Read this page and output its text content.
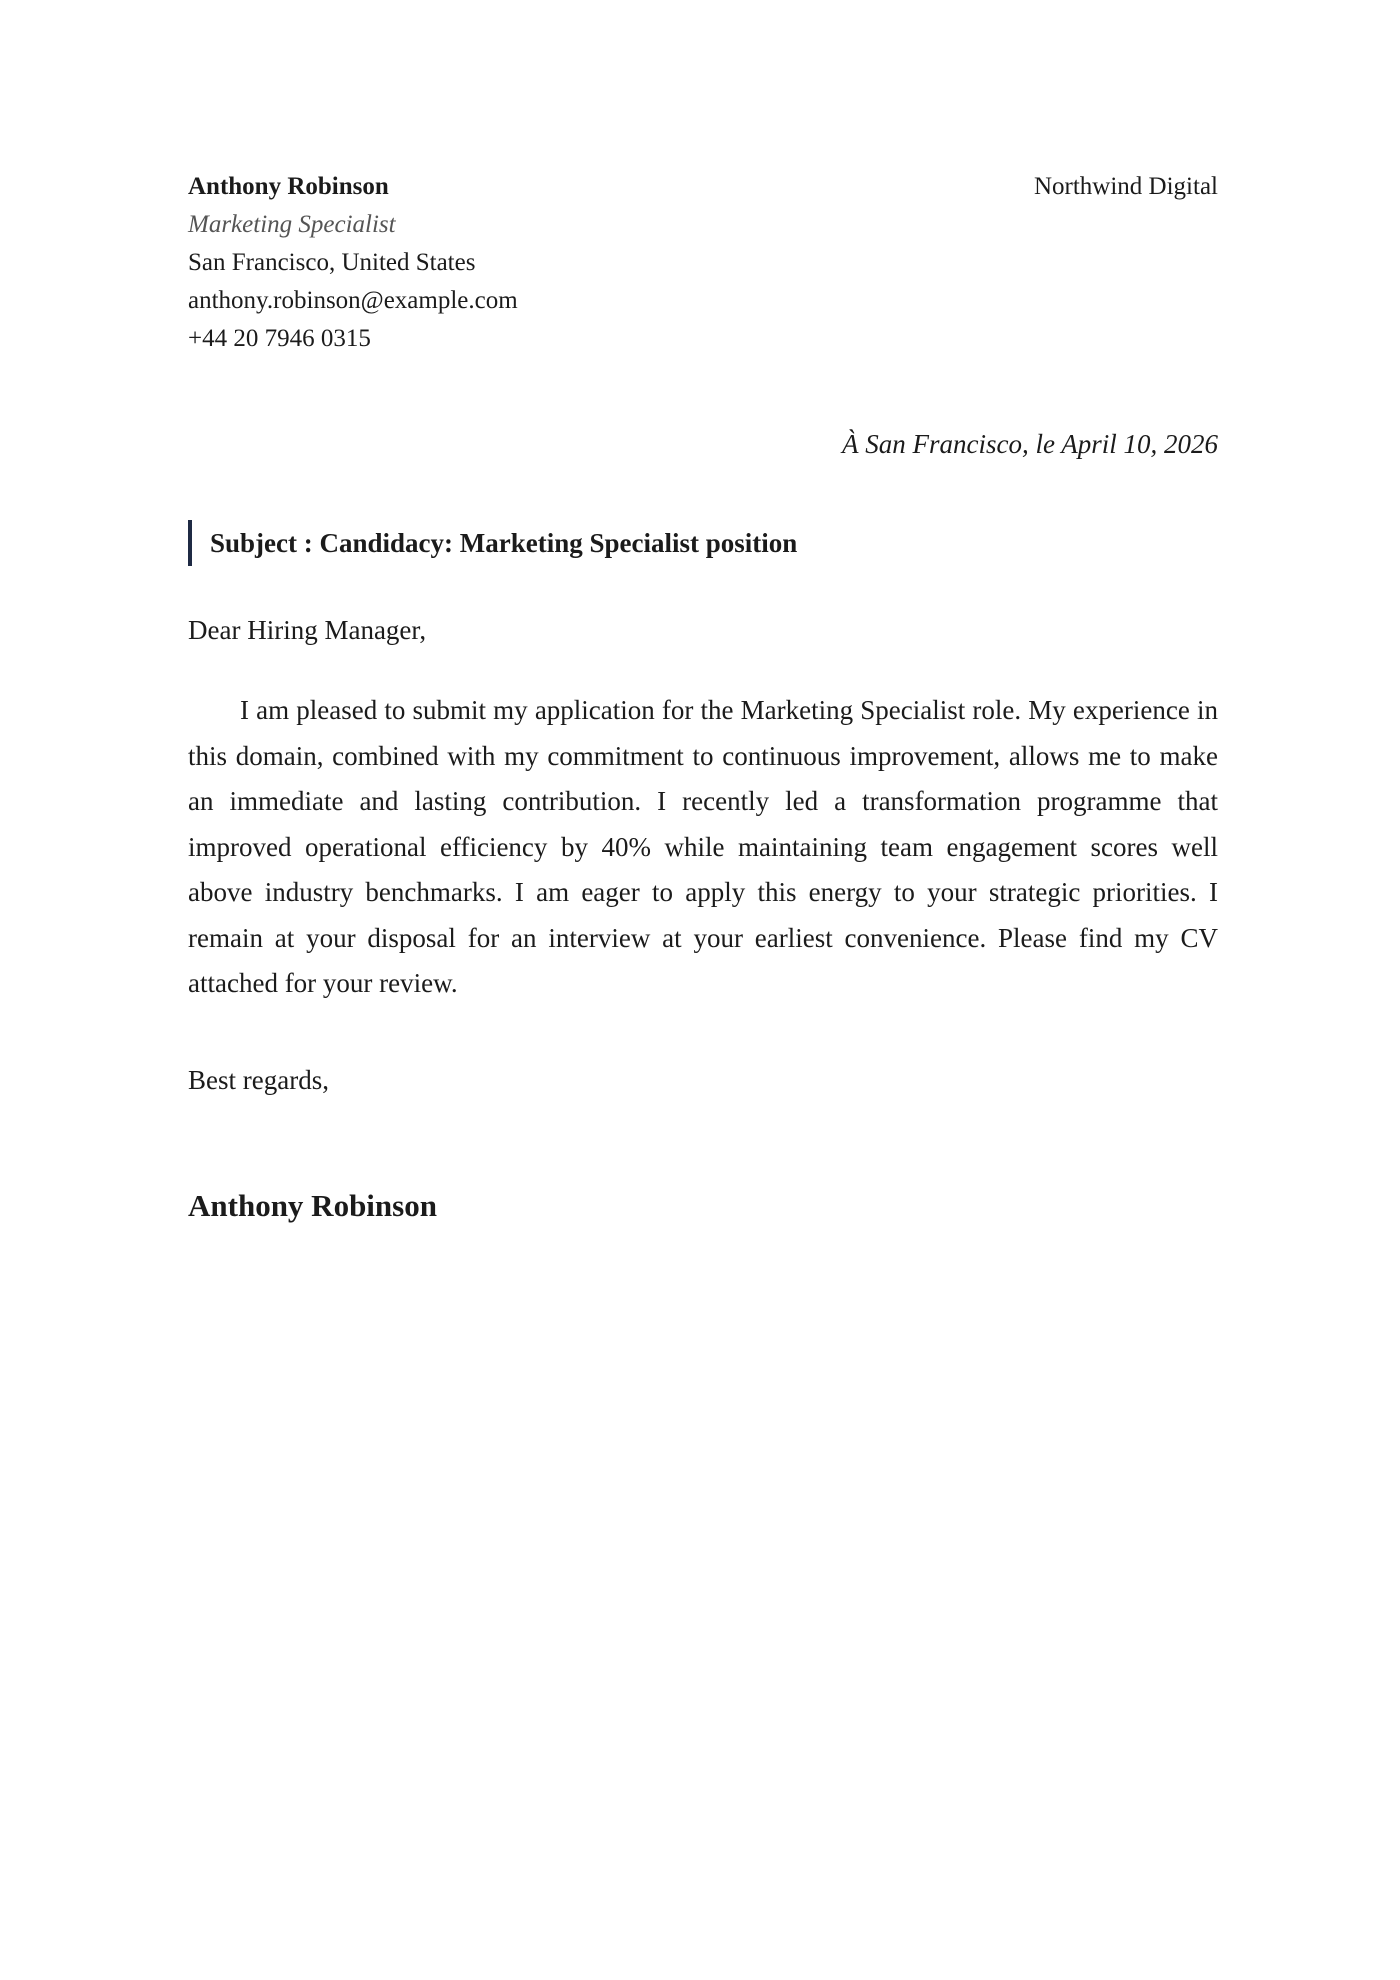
Anthony Robinson
Marketing Specialist
San Francisco, United States
anthony.robinson@example.com
+44 20 7946 0315
Northwind Digital
À San Francisco, le April 10, 2026
Subject : Candidacy: Marketing Specialist position
Dear Hiring Manager,

I am pleased to submit my application for the Marketing Specialist role. My experience in this domain, combined with my commitment to continuous improvement, allows me to make an immediate and lasting contribution. I recently led a transformation programme that improved operational efficiency by 40% while maintaining team engagement scores well above industry benchmarks. I am eager to apply this energy to your strategic priorities. I remain at your disposal for an interview at your earliest convenience. Please find my CV attached for your review.

Best regards,
Anthony Robinson
